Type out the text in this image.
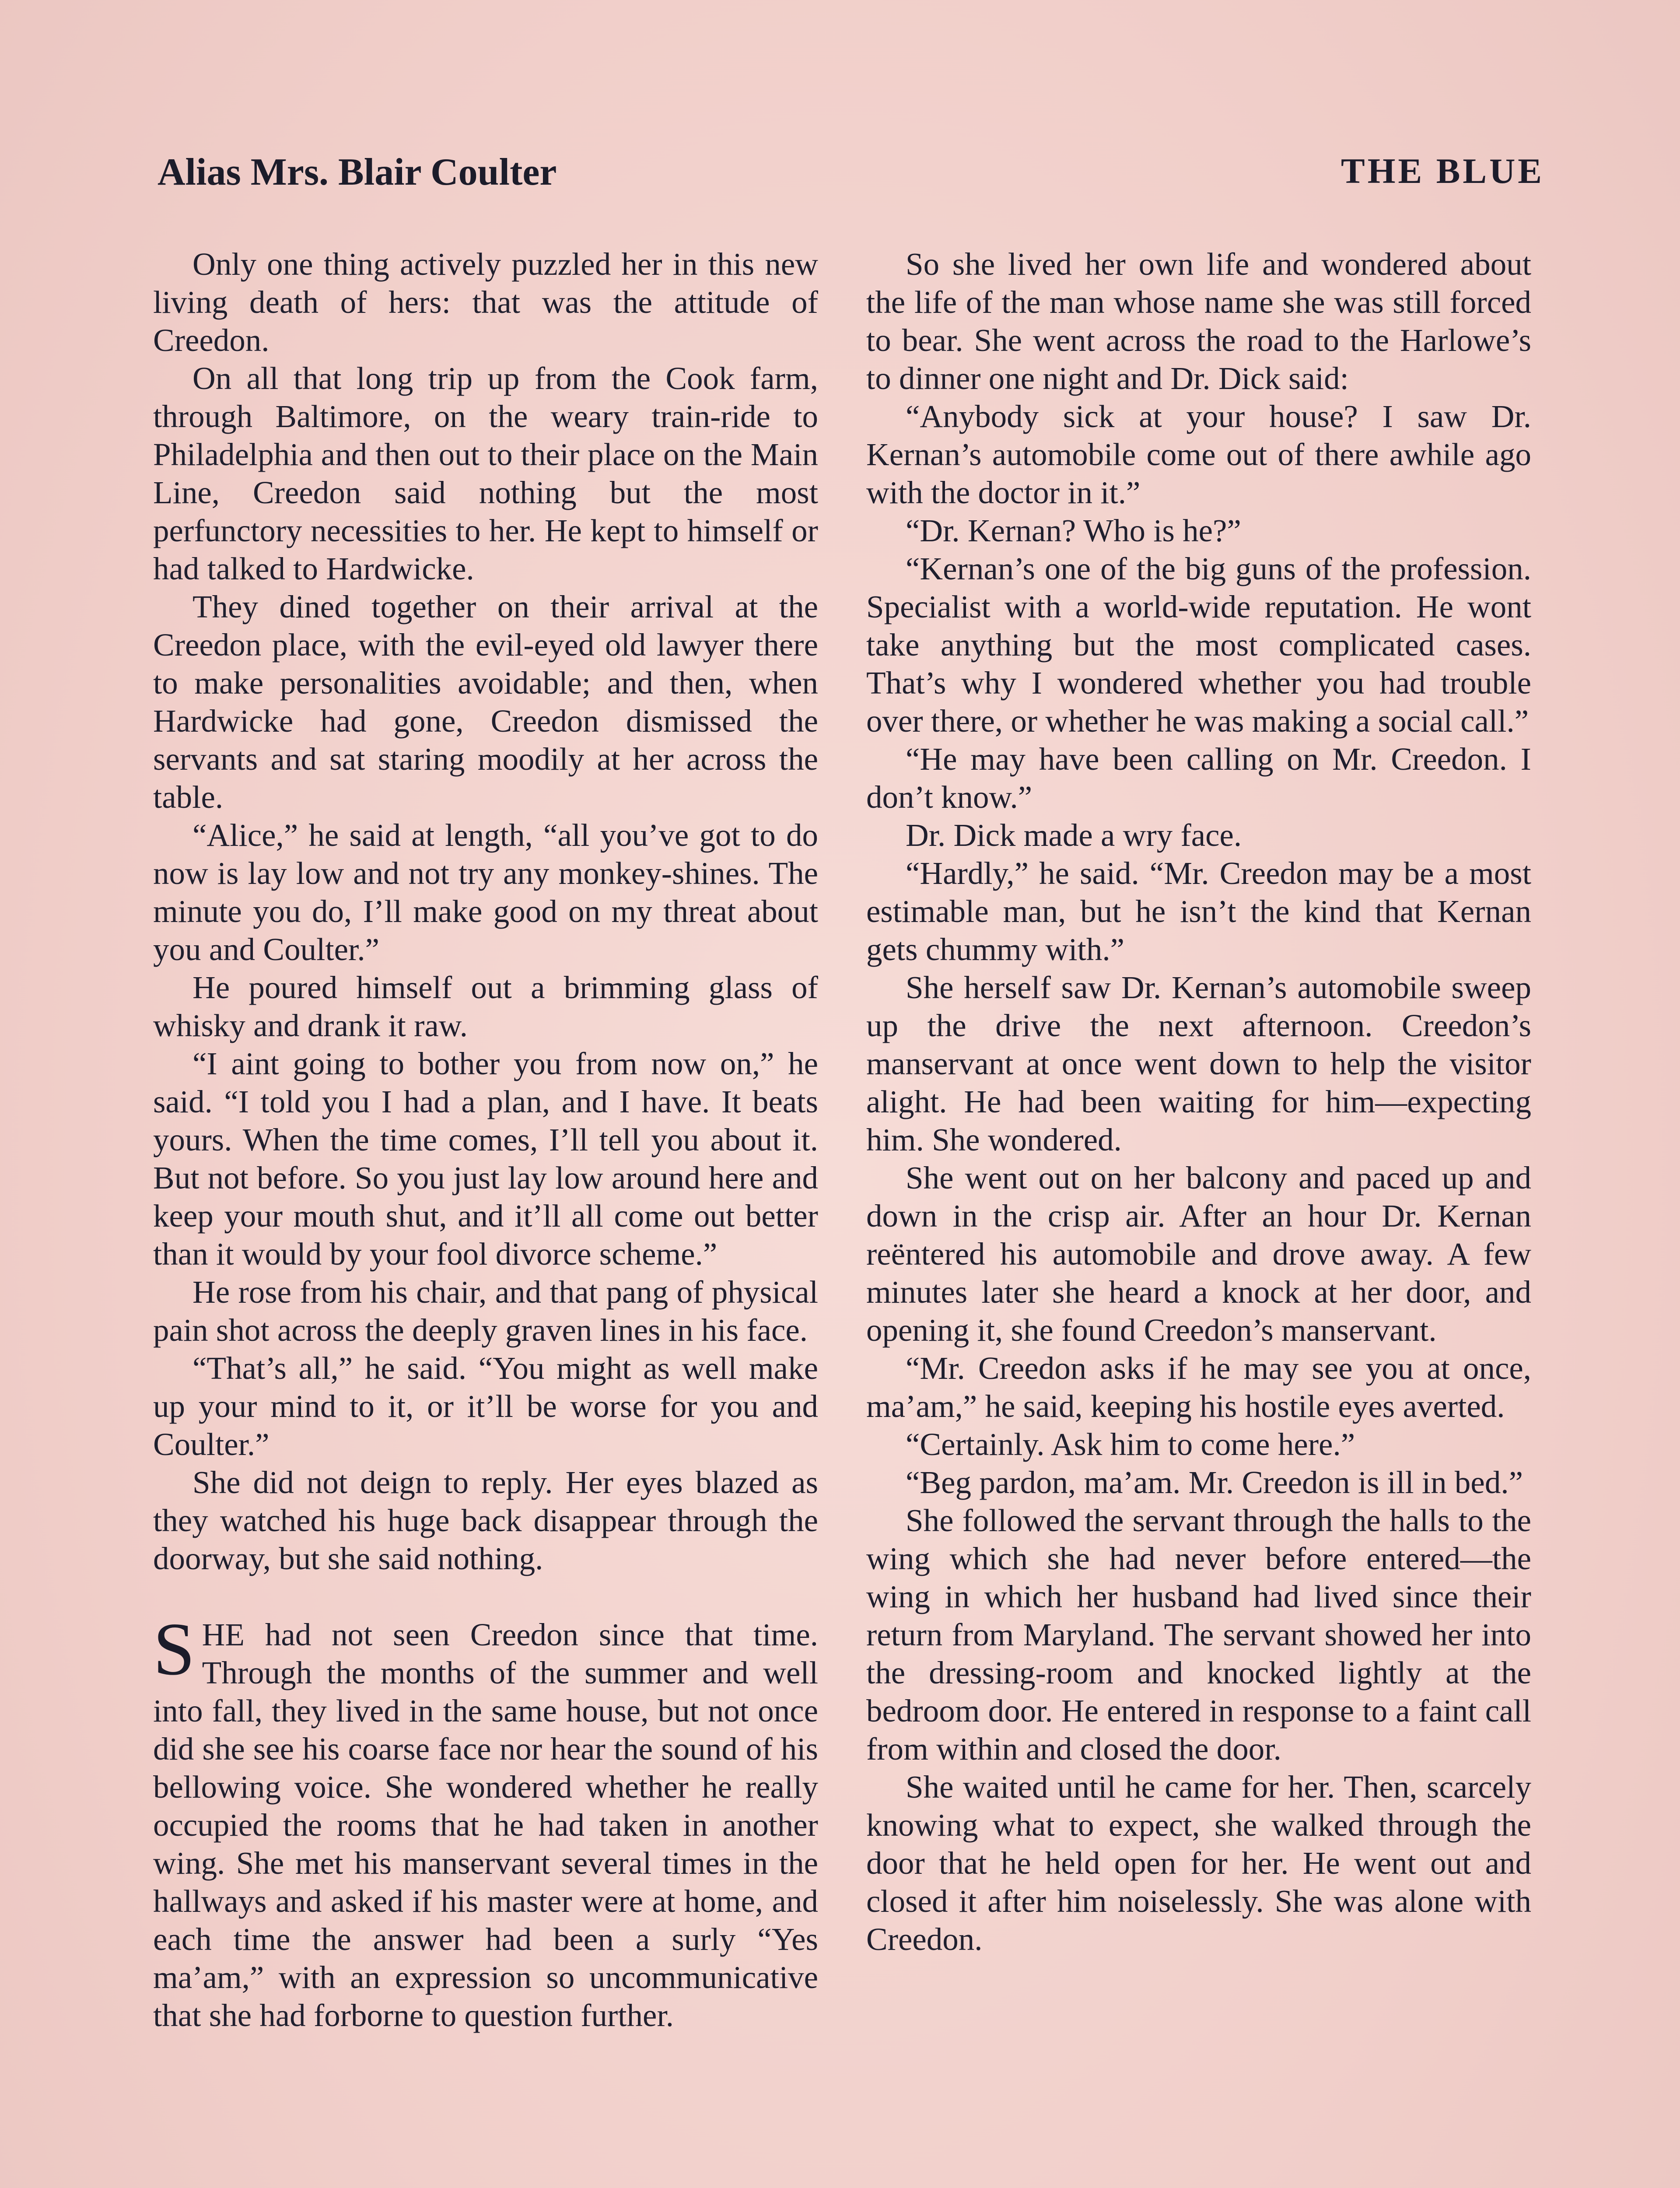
Alias Mrs. Blair Coulter	THE BLUE

Only one thing actively puzzled her in this new living death of hers: that was the attitude of Creedon.

On all that long trip up from the Cook farm, through Baltimore, on the weary train-ride to Philadelphia and then out to their place on the Main Line, Creedon said nothing but the most perfunctory necessities to her. He kept to himself or had talked to Hardwicke.

They dined together on their arrival at the Creedon place, with the evil-eyed old lawyer there to make personalities avoidable; and then, when Hardwicke had gone, Creedon dismissed the servants and sat staring moodily at her across the table.

“Alice,” he said at length, “all you’ve got to do now is lay low and not try any monkey-shines. The minute you do, I’ll make good on my threat about you and Coulter.”

He poured himself out a brimming glass of whisky and drank it raw.

“I aint going to bother you from now on,” he said. “I told you I had a plan, and I have. It beats yours. When the time comes, I’ll tell you about it. But not before. So you just lay low around here and keep your mouth shut, and it’ll all come out better than it would by your fool divorce scheme.”

He rose from his chair, and that pang of physical pain shot across the deeply graven lines in his face.

“That’s all,” he said. “You might as well make up your mind to it, or it’ll be worse for you and Coulter.”

She did not deign to reply. Her eyes blazed as they watched his huge back disappear through the doorway, but she said nothing.

SHE had not seen Creedon since that time. Through the months of the summer and well into fall, they lived in the same house, but not once did she see his coarse face nor hear the sound of his bellowing voice. She wondered whether he really occupied the rooms that he had taken in another wing. She met his manservant several times in the hallways and asked if his master were at home, and each time the answer had been a surly “Yes ma’am,” with an expression so uncommunicative that she had forborne to question further.

So she lived her own life and wondered about the life of the man whose name she was still forced to bear. She went across the road to the Harlowe’s to dinner one night and Dr. Dick said:

“Anybody sick at your house? I saw Dr. Kernan’s automobile come out of there awhile ago with the doctor in it.”

“Dr. Kernan? Who is he?”

“Kernan’s one of the big guns of the profession. Specialist with a world-wide reputation. He wont take anything but the most complicated cases. That’s why I wondered whether you had trouble over there, or whether he was making a social call.”

“He may have been calling on Mr. Creedon. I don’t know.”

Dr. Dick made a wry face.

“Hardly,” he said. “Mr. Creedon may be a most estimable man, but he isn’t the kind that Kernan gets chummy with.”

She herself saw Dr. Kernan’s automobile sweep up the drive the next afternoon. Creedon’s manservant at once went down to help the visitor alight. He had been waiting for him—expecting him. She wondered.

She went out on her balcony and paced up and down in the crisp air. After an hour Dr. Kernan reëntered his automobile and drove away. A few minutes later she heard a knock at her door, and opening it, she found Creedon’s manservant.

“Mr. Creedon asks if he may see you at once, ma’am,” he said, keeping his hostile eyes averted.

“Certainly. Ask him to come here.”

“Beg pardon, ma’am. Mr. Creedon is ill in bed.”

She followed the servant through the halls to the wing which she had never before entered—the wing in which her husband had lived since their return from Maryland. The servant showed her into the dressing-room and knocked lightly at the bedroom door. He entered in response to a faint call from within and closed the door.

She waited until he came for her. Then, scarcely knowing what to expect, she walked through the door that he held open for her. He went out and closed it after him noiselessly. She was alone with Creedon.
